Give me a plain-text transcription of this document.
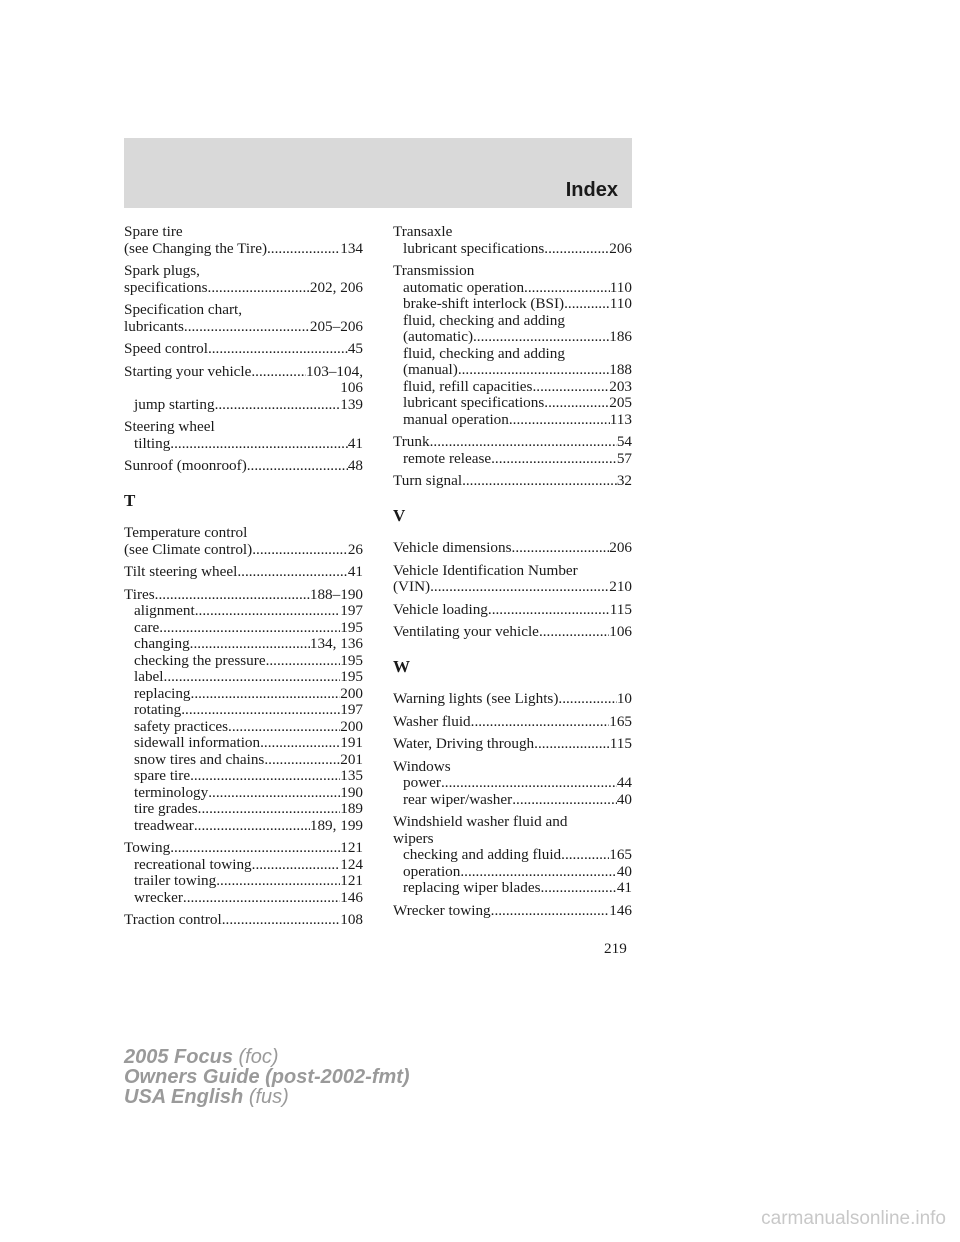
Index
Spare tire
(see Changing the Tire) .....	134
Spark plugs,
specifications .....	202, 206
Specification chart,
lubricants .....	205–206
Speed control .....	45
Starting your vehicle .....	103–104,
106
jump starting .....	139
Steering wheel
tilting .....	41
Sunroof (moonroof) .....	48
T
Temperature control
(see Climate control) .....	26
Tilt steering wheel .....	41
Tires .....	188–190
alignment .....	197
care .....	195
changing .....	134, 136
checking the pressure .....	195
label .....	195
replacing .....	200
rotating .....	197
safety practices .....	200
sidewall information .....	191
snow tires and chains .....	201
spare tire .....	135
terminology .....	190
tire grades .....	189
treadwear .....	189, 199
Towing .....	121
recreational towing .....	124
trailer towing .....	121
wrecker .....	146
Traction control .....	108
Transaxle
lubricant specifications .....	206
Transmission
automatic operation .....	110
brake-shift interlock (BSI) .....	110
fluid, checking and adding
(automatic) .....	186
fluid, checking and adding
(manual) .....	188
fluid, refill capacities .....	203
lubricant specifications .....	205
manual operation .....	113
Trunk .....	54
remote release .....	57
Turn signal .....	32
V
Vehicle dimensions .....	206
Vehicle Identification Number
(VIN) .....	210
Vehicle loading .....	115
Ventilating your vehicle .....	106
W
Warning lights (see Lights) .....	10
Washer fluid .....	165
Water, Driving through .....	115
Windows
power .....	44
rear wiper/washer .....	40
Windshield washer fluid and
wipers
checking and adding fluid .....	165
operation .....	40
replacing wiper blades .....	41
Wrecker towing .....	146
219
2005 Focus (foc)
Owners Guide (post-2002-fmt)
USA English (fus)
carmanualsonline.info
